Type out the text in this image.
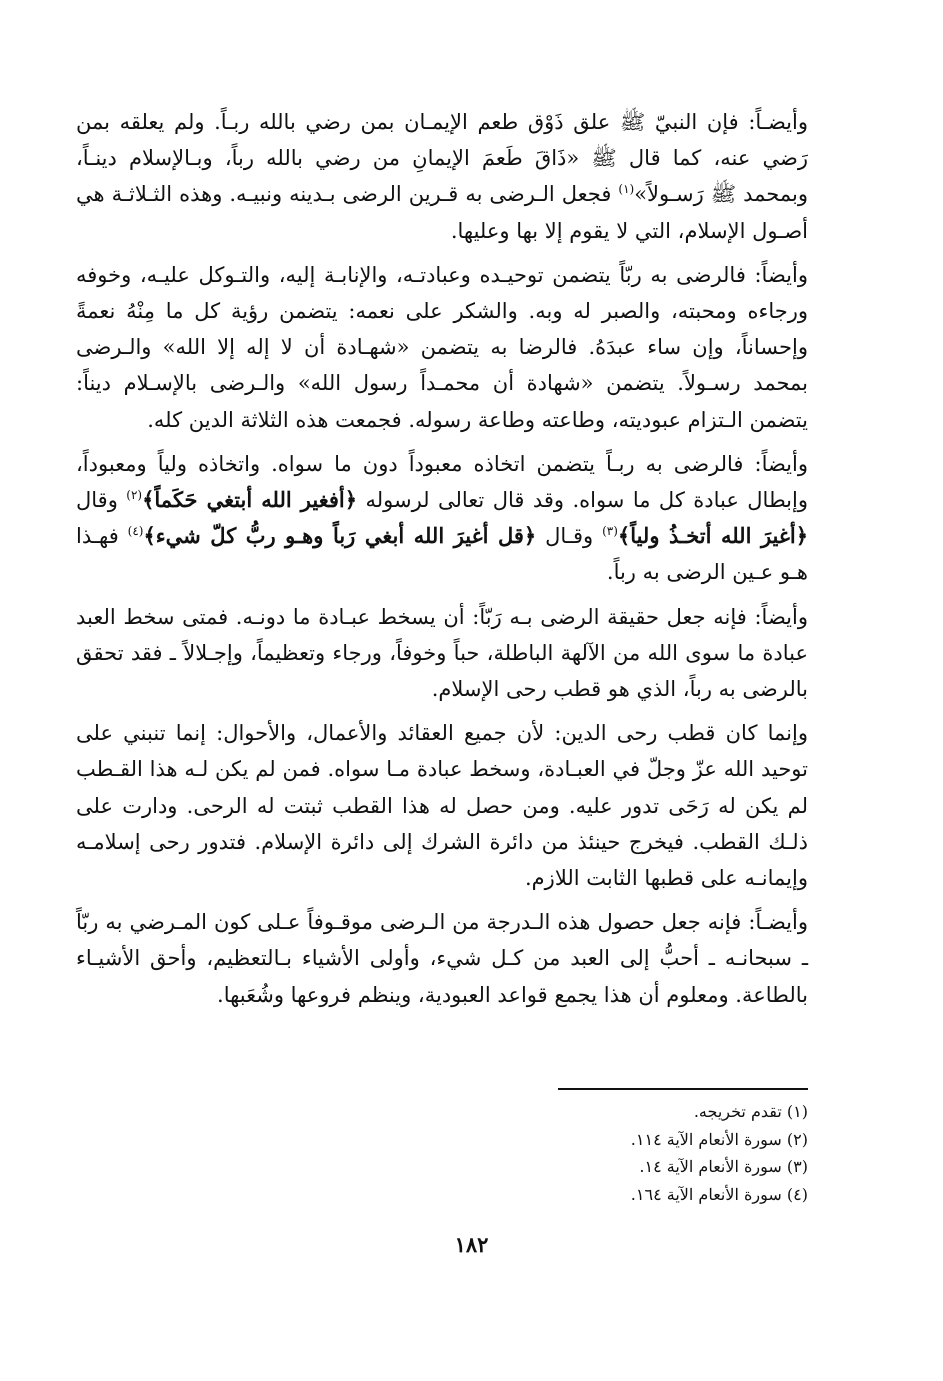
وأيضـاً: فإن النبيّ ﷺ علق ذَوْق طعم الإيمـان بمن رضي بالله ربـاً. ولم يعلقه بمن رَضي عنه، كما قال ﷺ «ذَاقَ طَعمَ الإيمانِ من رضي بالله رباً، وبـالإسلام دينـاً، وبمحمد ﷺ رَسـولاً»$^{(١)}$ فجعل الـرضى به قـرين الرضى بـدينه ونبيـه. وهذه الثـلاثـة هي أصـول الإسلام، التي لا يقوم إلا بها وعليها.

وأيضاً: فالرضى به ربّاً يتضمن توحيـده وعبادتـه، والإنابـة إليه، والتـوكل عليـه، وخوفه ورجاءه ومحبته، والصبر له وبه. والشكر على نعمه: يتضمن رؤية كل ما مِنْهُ نعمةً وإحساناً، وإن ساء عبدَهُ. فالرضا به يتضمن «شهـادة أن لا إله إلا الله» والـرضى بمحمد رسـولاً. يتضمن «شهادة أن محمـداً رسول الله» والـرضى بالإسـلام ديناً: يتضمن الـتزام عبوديته، وطاعته وطاعة رسوله. فجمعت هذه الثلاثة الدين كله.

وأيضاً: فالرضى به ربـاً يتضمن اتخاذه معبوداً دون ما سواه. واتخاذه ولياً ومعبوداً، وإبطال عبادة كل ما سواه. وقد قال تعالى لرسوله ﴿أفغير الله أبتغي حَكَماً﴾$^{(٢)}$ وقال ﴿أغيرَ الله أتخـذُ ولياً﴾$^{(٣)}$ وقـال ﴿قل أغيرَ الله أبغي رَباً وهـو ربُّ كلّ شيء﴾$^{(٤)}$ فهـذا هـو عـين الرضى به رباً.

وأيضاً: فإنه جعل حقيقة الرضى بـه رَبّاً: أن يسخط عبـادة ما دونـه. فمتى سخط العبد عبادة ما سوى الله من الآلهة الباطلة، حباً وخوفاً، ورجاء وتعظيماً، وإجـلالاً ـ فقد تحقق بالرضى به رباً، الذي هو قطب رحى الإسلام.

وإنما كان قطب رحى الدين: لأن جميع العقائد والأعمال، والأحوال: إنما تنبني على توحيد الله عزّ وجلّ في العبـادة، وسخط عبادة مـا سواه. فمن لم يكن لـه هذا القـطب لم يكن له رَحَى تدور عليه. ومن حصل له هذا القطب ثبتت له الرحى. ودارت على ذلـك القطب. فيخرج حينئذ من دائرة الشرك إلى دائرة الإسلام. فتدور رحى إسلامـه وإيمانـه على قطبها الثابت اللازم.

وأيضـاً: فإنه جعل حصول هذه الـدرجة من الـرضى موقـوفاً عـلى كون المـرضي به ربّاً ـ سبحانـه ـ أحبُّ إلى العبد من كـل شيء، وأولى الأشياء بـالتعظيم، وأحق الأشيـاء بالطاعة. ومعلوم أن هذا يجمع قواعد العبودية، وينظم فروعها وشُعَبها.

(١) تقدم تخريجه.
(٢) سورة الأنعام الآية ١١٤.
(٣) سورة الأنعام الآية ١٤.
(٤) سورة الأنعام الآية ١٦٤.
١٨٢
